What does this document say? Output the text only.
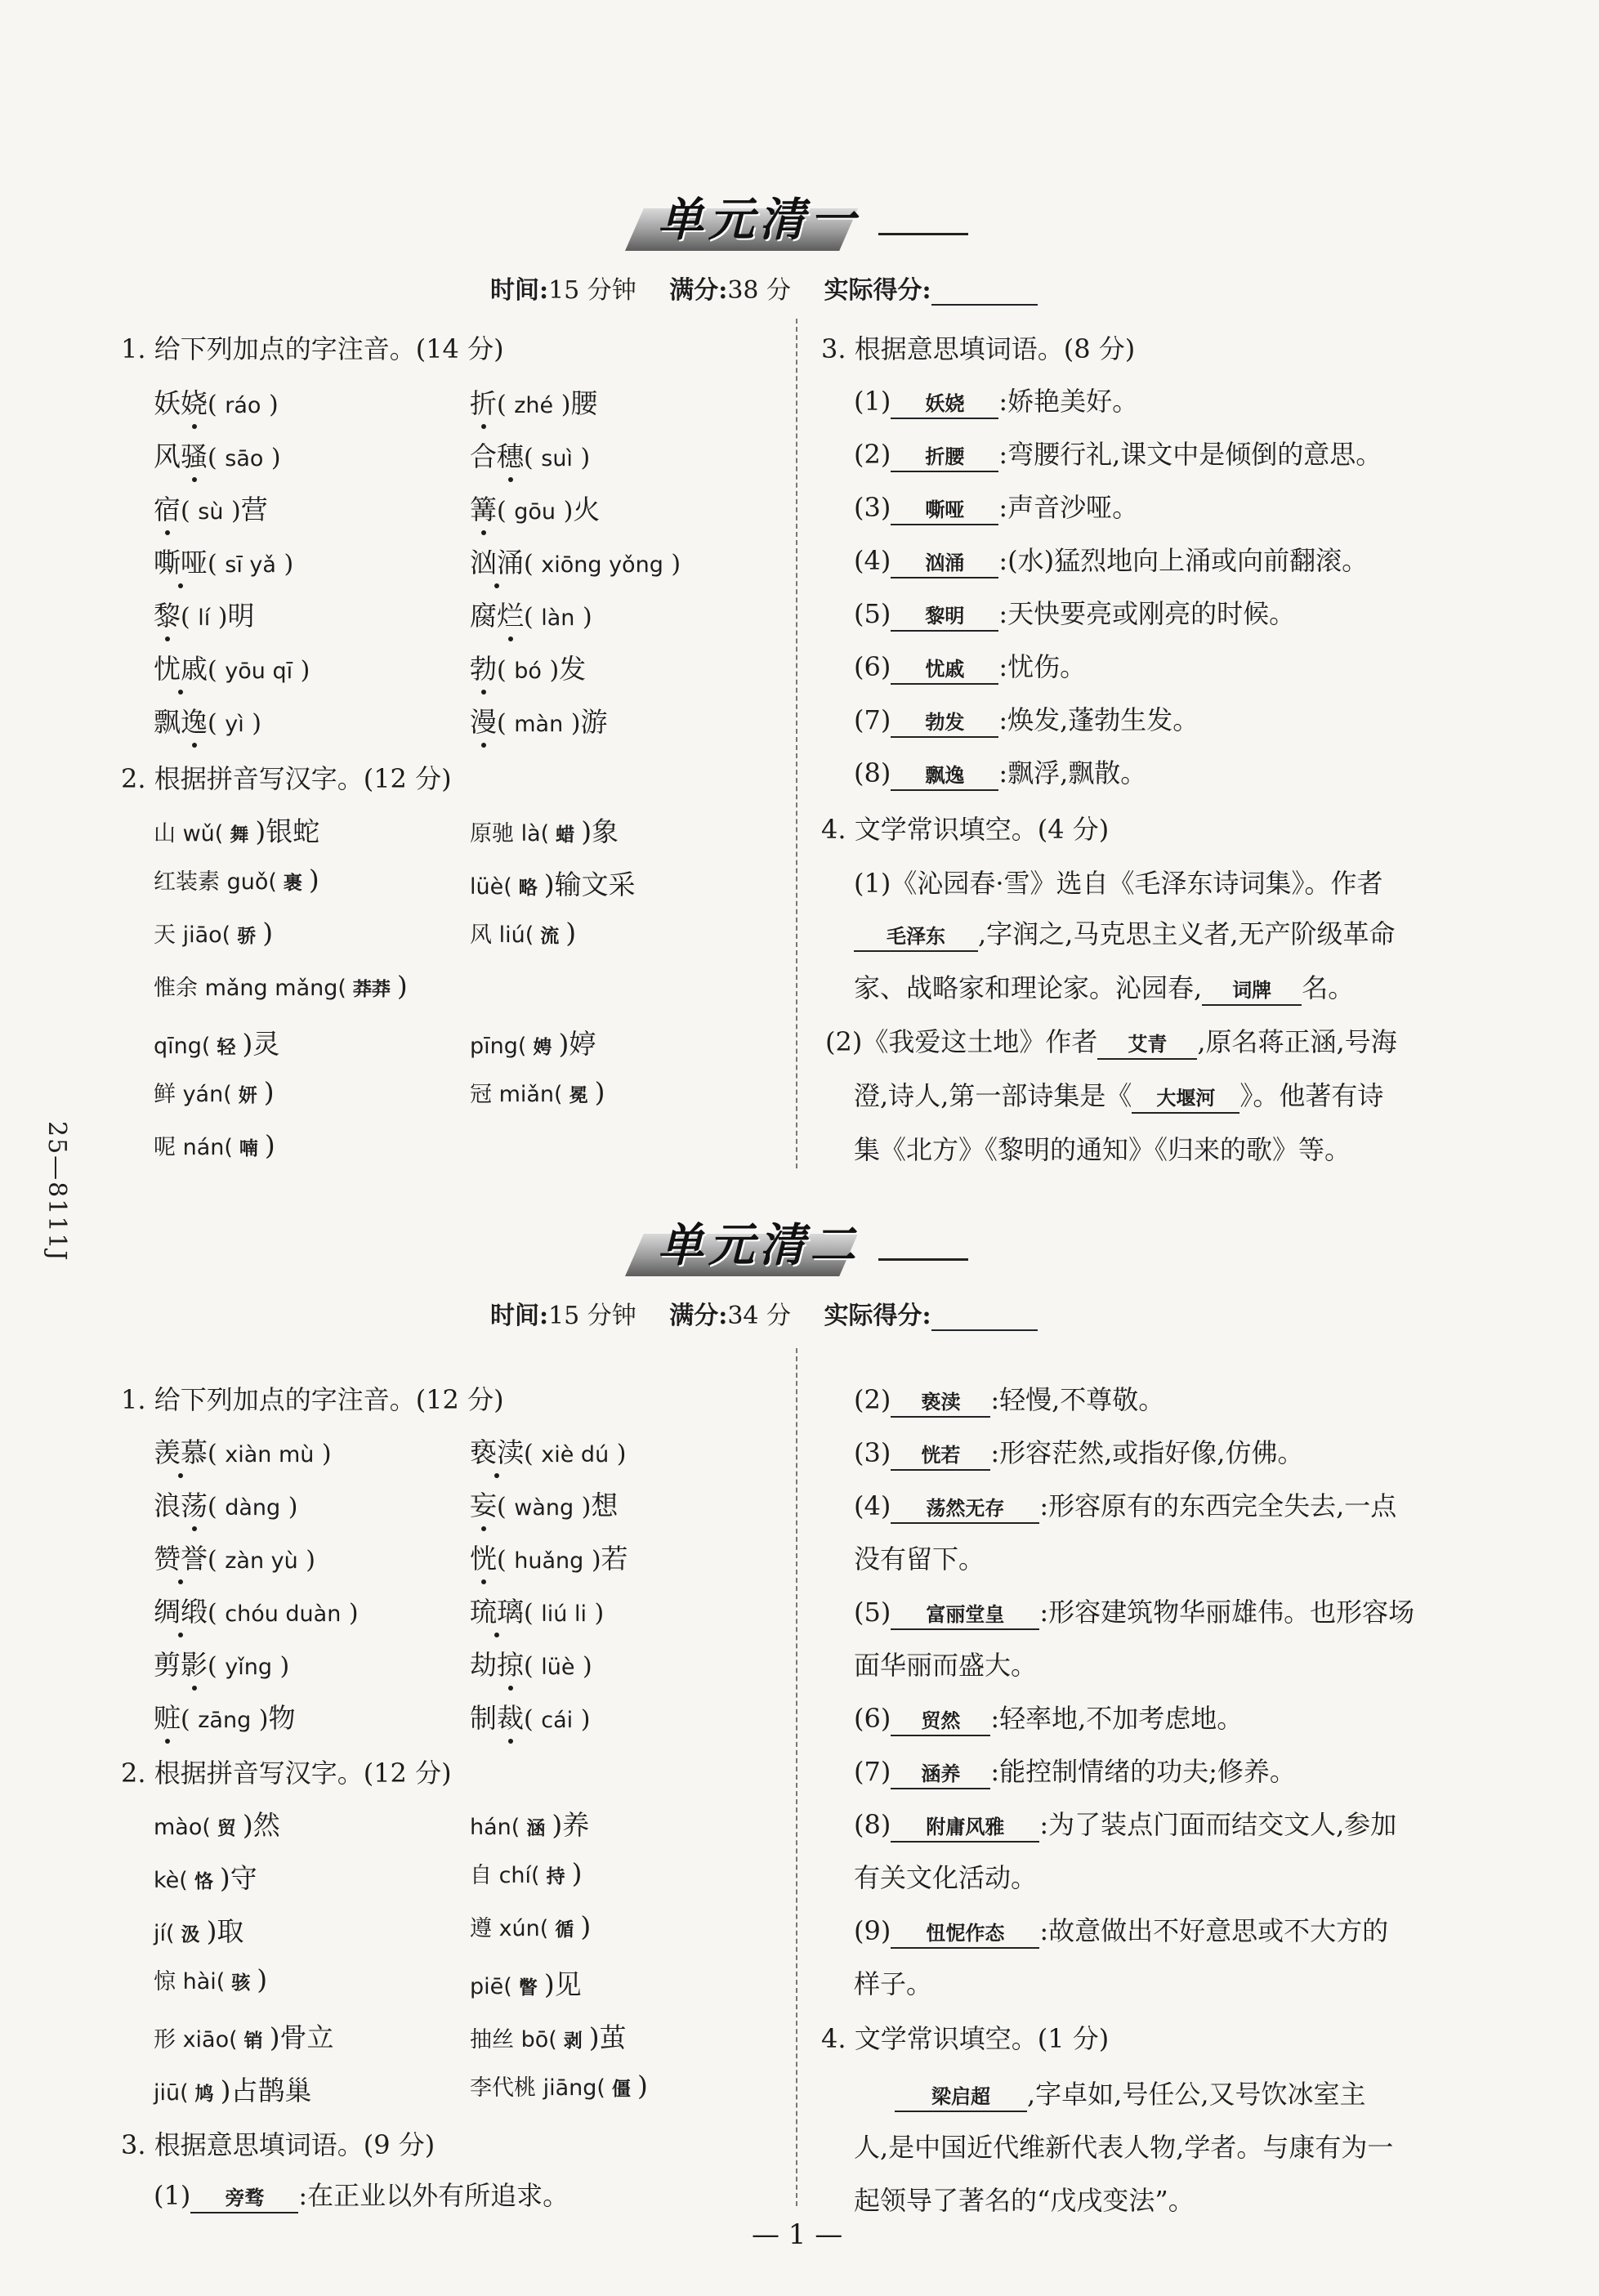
25—8111J
单元清一
时间:15 分钟 满分:38 分 实际得分:
单元清二
时间:15 分钟 满分:34 分 实际得分:
— 1 —
1. 给下列加点的字注音。(14 分)
妖娆( ráo )	折( zhé )腰
风骚( sāo )	合穗( suì )
宿( sù )营	篝( gōu )火
嘶哑( sī yǎ )	汹涌( xiōng yǒng )
黎( lí )明	腐烂( làn )
忧戚( yōu qī )	勃( bó )发
飘逸( yì )	漫( màn )游
2. 根据拼音写汉字。(12 分)
山 wǔ( 舞 )银蛇	原驰 là( 蜡 )象
红装素 guǒ( 裹 )	lüè( 略 )输文采
天 jiāo( 骄 )	风 liú( 流 )
惟余 mǎng mǎng( 莽莽 )
qīng( 轻 )灵	pīng( 娉 )婷
鲜 yán( 妍 )	冠 miǎn( 冕 )
呢 nán( 喃 )
3. 根据意思填词语。(8 分)
(1) 妖娆 :娇艳美好。
(2) 折腰 :弯腰行礼,课文中是倾倒的意思。
(3) 嘶哑 :声音沙哑。
(4) 汹涌 :(水)猛烈地向上涌或向前翻滚。
(5) 黎明 :天快要亮或刚亮的时候。
(6) 忧戚 :忧伤。
(7) 勃发 :焕发,蓬勃生发。
(8) 飘逸 :飘浮,飘散。
4. 文学常识填空。(4 分)
(1)《沁园春·雪》选自《毛泽东诗词集》。作者
毛泽东 ,字润之,马克思主义者,无产阶级革命
家、战略家和理论家。沁园春, 词牌 名。
(2)《我爱这土地》作者 艾青 ,原名蒋正涵,号海
澄,诗人,第一部诗集是《 大堰河 》。他著有诗
集《北方》《黎明的通知》《归来的歌》等。
1. 给下列加点的字注音。(12 分)
羡慕( xiàn mù )	亵渎( xiè dú )
浪荡( dàng )	妄( wàng )想
赞誉( zàn yù )	恍( huǎng )若
绸缎( chóu duàn )	琉璃( liú li )
剪影( yǐng )	劫掠( lüè )
赃( zāng )物	制裁( cái )
2. 根据拼音写汉字。(12 分)
mào( 贸 )然	hán( 涵 )养
kè( 恪 )守	自 chí( 持 )
jí( 汲 )取	遵 xún( 循 )
惊 hài( 骇 )	piē( 瞥 )见
形 xiāo( 销 )骨立	抽丝 bō( 剥 )茧
jiū( 鸠 )占鹊巢	李代桃 jiāng( 僵 )
3. 根据意思填词语。(9 分)
(1) 旁骛 :在正业以外有所追求。
(2) 亵渎 :轻慢,不尊敬。
(3) 恍若 :形容茫然,或指好像,仿佛。
(4) 荡然无存 :形容原有的东西完全失去,一点
没有留下。
(5) 富丽堂皇 :形容建筑物华丽雄伟。也形容场
面华丽而盛大。
(6) 贸然 :轻率地,不加考虑地。
(7) 涵养 :能控制情绪的功夫;修养。
(8) 附庸风雅 :为了装点门面而结交文人,参加
有关文化活动。
(9) 忸怩作态 :故意做出不好意思或不大方的
样子。
4. 文学常识填空。(1 分)
梁启超 ,字卓如,号任公,又号饮冰室主
人,是中国近代维新代表人物,学者。与康有为一
起领导了著名的“戊戌变法”。
